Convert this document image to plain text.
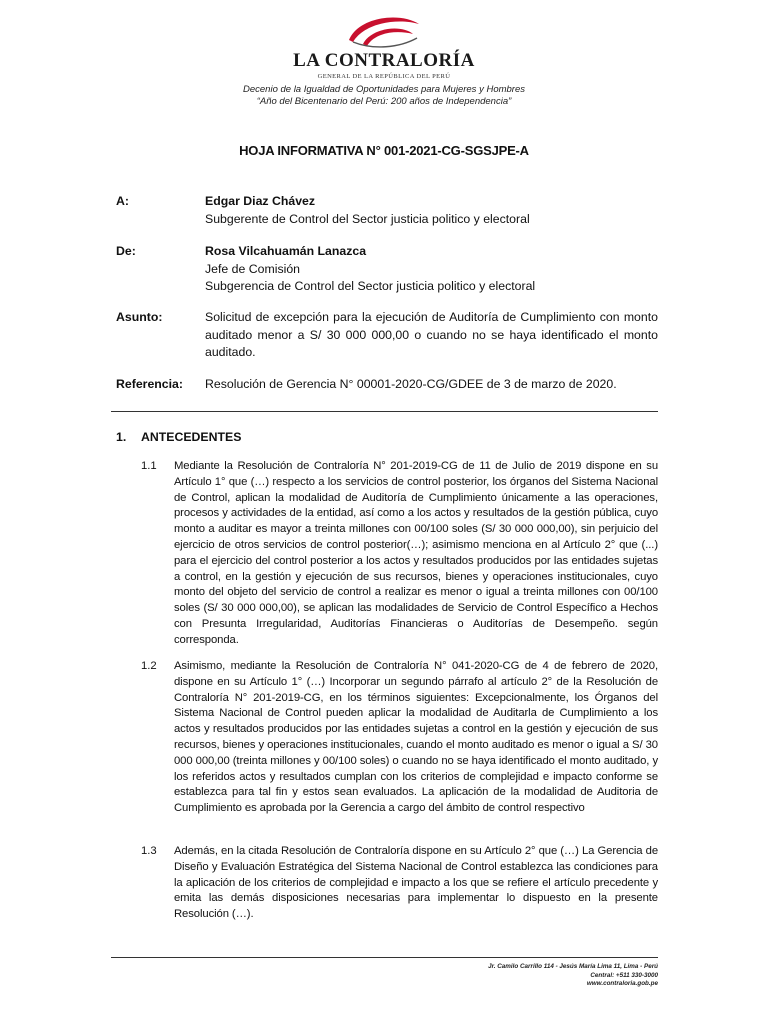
LA CONTRALORÍA
GENERAL DE LA REPÚBLICA DEL PERÚ
Decenio de la Igualdad de Oportunidades para Mujeres y Hombres
“Año del Bicentenario del Perú: 200 años de Independencia”
HOJA INFORMATIVA N° 001-2021-CG-SGSJPE-A
A:	Edgar Diaz Chávez
Subgerente de Control del Sector justicia politico y electoral
De:	Rosa Vilcahuamán Lanazca
Jefe de Comisión
Subgerencia de Control del Sector justicia politico y electoral
Asunto:	Solicitud de excepción para la ejecución de Auditoría de Cumplimiento con monto auditado menor a S/ 30 000 000,00 o cuando no se haya identificado el monto auditado.
Referencia: Resolución de Gerencia N° 00001-2020-CG/GDEE de 3 de marzo de 2020.
1. ANTECEDENTES
1.1 Mediante la Resolución de Contraloría N° 201-2019-CG de 11 de Julio de 2019 dispone en su Artículo 1° que (…) respecto a los servicios de control posterior, los órganos del Sistema Nacional de Control, aplican la modalidad de Auditoría de Cumplimiento únicamente a las operaciones, procesos y actividades de la entidad, así como a los actos y resultados de la gestión pública, cuyo monto a auditar es mayor a treinta millones con 00/100 soles (S/ 30 000 000,00), sin perjuicio del ejercicio de otros servicios de control posterior(…); asimismo menciona en al Artículo 2° que (...) para el ejercicio del control posterior a los actos y resultados producidos por las entidades sujetas a control, en la gestión y ejecución de sus recursos, bienes y operaciones institucionales, cuyo monto del objeto del servicio de control a realizar es menor o igual a treinta millones con 00/100 soles (S/ 30 000 000,00), se aplican las modalidades de Servicio de Control Específico a Hechos con Presunta Irregularidad, Auditorías Financieras o Auditorías de Desempeño. según corresponda.
1.2 Asimismo, mediante la Resolución de Contraloría N° 041-2020-CG de 4 de febrero de 2020, dispone en su Artículo 1° (…) Incorporar un segundo párrafo al artículo 2° de la Resolución de Contraloría N° 201-2019-CG, en los términos siguientes: Excepcionalmente, los Órganos del Sistema Nacional de Control pueden aplicar la modalidad de Auditarla de Cumplimiento a los actos y resultados producidos por las entidades sujetas a control en la gestión y ejecución de sus recursos, bienes y operaciones institucionales, cuando el monto auditado es menor o igual a S/ 30 000 000,00 (treinta millones y 00/100 soles) o cuando no se haya identificado el monto auditado, y los referidos actos y resultados cumplan con los criterios de complejidad e impacto conforme se establezca para tal fin y estos sean evaluados. La aplicación de la modalidad de Auditoria de Cumplimiento es aprobada por la Gerencia a cargo del ámbito de control respectivo
1.3 Además, en la citada Resolución de Contraloría dispone en su Artículo 2° que (…) La Gerencia de Diseño y Evaluación Estratégica del Sistema Nacional de Control establezca las condiciones para la aplicación de los criterios de complejidad e impacto a los que se refiere el artículo precedente y emita las demás disposiciones necesarias para implementar lo dispuesto en la presente Resolución (…).
Jr. Camilo Carrillo 114 - Jesús María Lima 11, Lima - Perú
Central: +511 330-3000
www.contraloria.gob.pe
